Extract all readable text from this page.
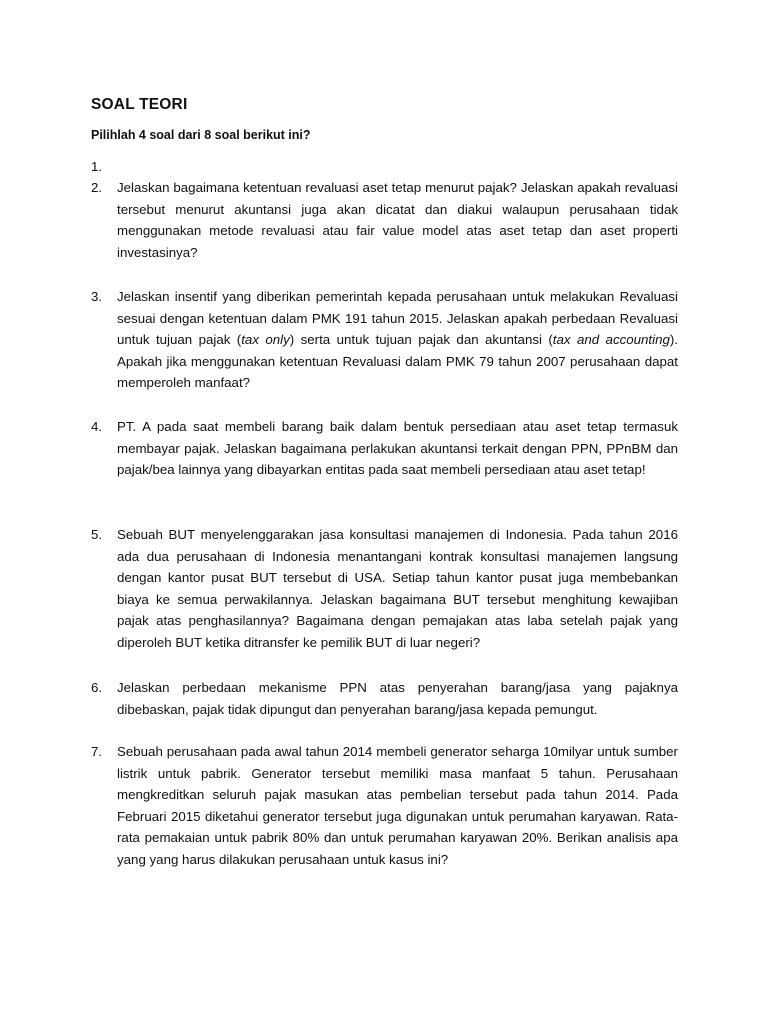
SOAL TEORI

Pilihlah 4 soal dari 8 soal berikut ini?

1.
2.	Jelaskan bagaimana ketentuan revaluasi aset tetap menurut pajak? Jelaskan apakah revaluasi tersebut menurut akuntansi juga akan dicatat dan diakui walaupun perusahaan tidak menggunakan metode revaluasi atau fair value model atas aset tetap dan aset properti investasinya?
3.	Jelaskan insentif yang diberikan pemerintah kepada perusahaan untuk melakukan Revaluasi sesuai dengan ketentuan dalam PMK 191 tahun 2015. Jelaskan apakah perbedaan Revaluasi untuk tujuan pajak (tax only) serta untuk tujuan pajak dan akuntansi (tax and accounting). Apakah jika menggunakan ketentuan Revaluasi dalam PMK 79 tahun 2007 perusahaan dapat memperoleh manfaat?
4.	PT. A pada saat membeli barang baik dalam bentuk persediaan atau aset tetap termasuk membayar pajak. Jelaskan bagaimana perlakukan akuntansi terkait dengan PPN, PPnBM dan pajak/bea lainnya yang dibayarkan entitas pada saat membeli persediaan atau aset tetap!
5.	Sebuah BUT menyelenggarakan jasa konsultasi manajemen di Indonesia. Pada tahun 2016 ada dua perusahaan di Indonesia menantangani kontrak konsultasi manajemen langsung dengan kantor pusat BUT tersebut di USA. Setiap tahun kantor pusat juga membebankan biaya ke semua perwakilannya. Jelaskan bagaimana BUT tersebut menghitung kewajiban pajak atas penghasilannya? Bagaimana dengan pemajakan atas laba setelah pajak yang diperoleh BUT ketika ditransfer ke pemilik BUT di luar negeri?
6.	Jelaskan perbedaan mekanisme PPN atas penyerahan barang/jasa yang pajaknya dibebaskan, pajak tidak dipungut dan penyerahan barang/jasa kepada pemungut.
7.	Sebuah perusahaan pada awal tahun 2014 membeli generator seharga 10milyar untuk sumber listrik untuk pabrik. Generator tersebut memiliki masa manfaat 5 tahun. Perusahaan mengkreditkan seluruh pajak masukan atas pembelian tersebut pada tahun 2014. Pada Februari 2015 diketahui generator tersebut juga digunakan untuk perumahan karyawan. Rata-rata pemakaian untuk pabrik 80% dan untuk perumahan karyawan 20%. Berikan analisis apa yang yang harus dilakukan perusahaan untuk kasus ini?
